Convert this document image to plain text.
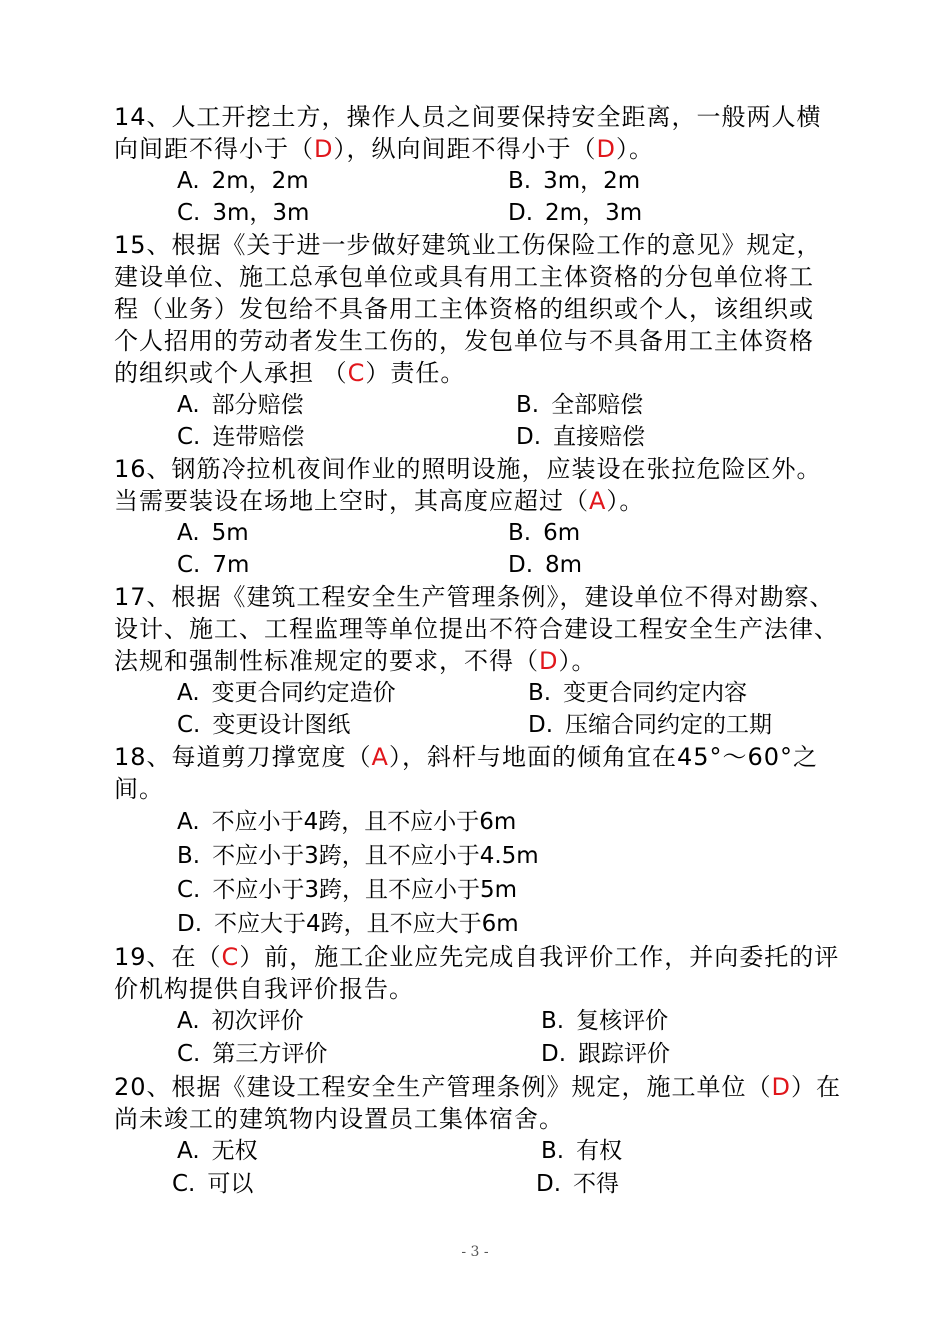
14、人工开挖土方，操作人员之间要保持安全距离，一般两人横
向间距不得小于（D），纵向间距不得小于（D）。
A. 2m，2m	B. 3m，2m
C. 3m，3m	D. 2m，3m
15、根据《关于进一步做好建筑业工伤保险工作的意见》规定，
建设单位、施工总承包单位或具有用工主体资格的分包单位将工
程（业务）发包给不具备用工主体资格的组织或个人，该组织或
个人招用的劳动者发生工伤的，发包单位与不具备用工主体资格
的组织或个人承担 （C）责任。
A. 部分赔偿	B. 全部赔偿
C. 连带赔偿	D. 直接赔偿
16、钢筋冷拉机夜间作业的照明设施，应装设在张拉危险区外。
当需要装设在场地上空时，其高度应超过（A）。
A. 5m	B. 6m
C. 7m	D. 8m
17、根据《建筑工程安全生产管理条例》，建设单位不得对勘察、
设计、施工、工程监理等单位提出不符合建设工程安全生产法律、
法规和强制性标准规定的要求，不得（D）。
A. 变更合同约定造价	B. 变更合同约定内容
C. 变更设计图纸	D. 压缩合同约定的工期
18、每道剪刀撑宽度（A），斜杆与地面的倾角宜在45°～60°之
间。
A. 不应小于4跨，且不应小于6m
B. 不应小于3跨，且不应小于4.5m
C. 不应小于3跨，且不应小于5m
D. 不应大于4跨，且不应大于6m
19、在（C）前，施工企业应先完成自我评价工作，并向委托的评
价机构提供自我评价报告。
A. 初次评价	B. 复核评价
C. 第三方评价	D. 跟踪评价
20、根据《建设工程安全生产管理条例》规定，施工单位（D）在
尚未竣工的建筑物内设置员工集体宿舍。
A. 无权	B. 有权
C. 可以	D. 不得
- 3 -
